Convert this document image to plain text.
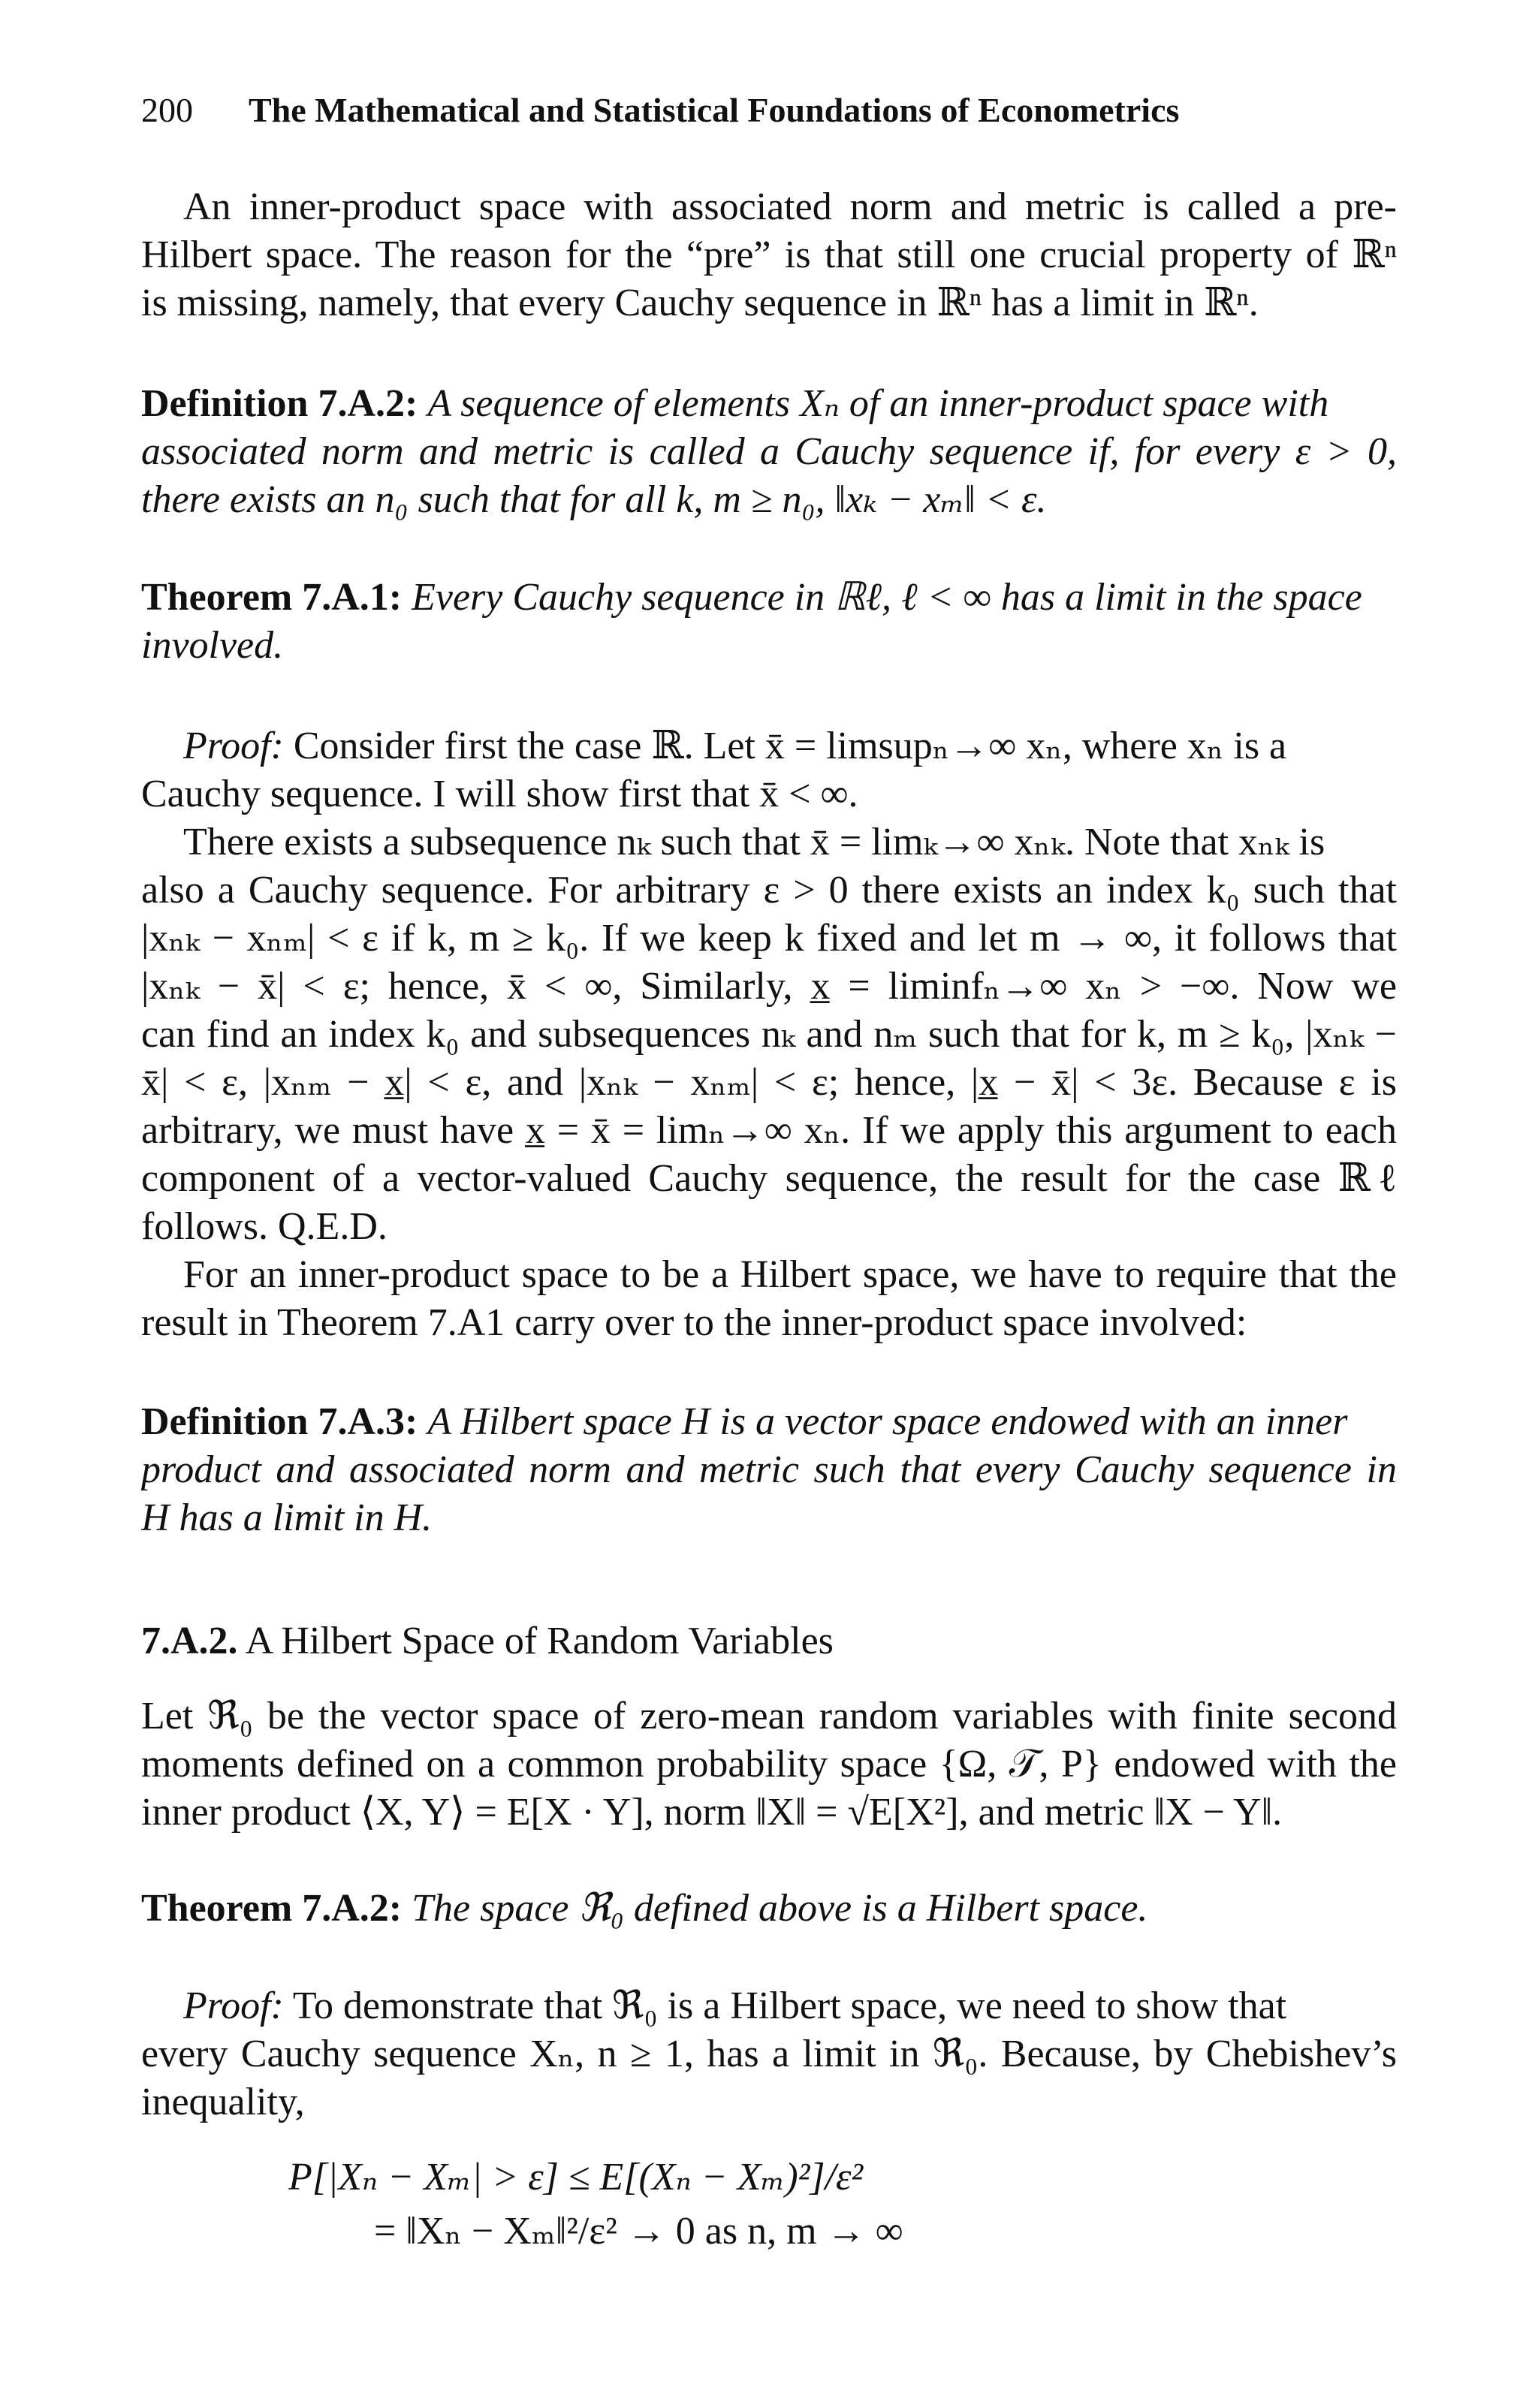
200 The Mathematical and Statistical Foundations of Econometrics
An inner-product space with associated norm and metric is called a pre-
Hilbert space. The reason for the “pre” is that still one crucial property of ℝⁿ
is missing, namely, that every Cauchy sequence in ℝⁿ has a limit in ℝⁿ.
Definition 7.A.2: A sequence of elements Xₙ of an inner-product space with
associated norm and metric is called a Cauchy sequence if, for every ε > 0,
there exists an n₀ such that for all k, m ≥ n₀, ‖xₖ − xₘ‖ < ε.
Theorem 7.A.1: Every Cauchy sequence in ℝℓ, ℓ < ∞ has a limit in the space
involved.
Proof: Consider first the case ℝ. Let x̄ = limsupₙ→∞ xₙ, where xₙ is a
Cauchy sequence. I will show first that x̄ < ∞.
There exists a subsequence nₖ such that x̄ = limₖ→∞ xₙₖ. Note that xₙₖ is
also a Cauchy sequence. For arbitrary ε > 0 there exists an index k₀ such that
|xₙₖ − xₙₘ| < ε if k, m ≥ k₀. If we keep k fixed and let m → ∞, it follows that
|xₙₖ − x̄| < ε; hence, x̄ < ∞, Similarly, x̲ = liminfₙ→∞ xₙ > −∞. Now we
can find an index k₀ and subsequences nₖ and nₘ such that for k, m ≥ k₀, |xₙₖ −
x̄| < ε, |xₙₘ − x̲| < ε, and |xₙₖ − xₙₘ| < ε; hence, |x̲ − x̄| < 3ε. Because ε is
arbitrary, we must have x̲ = x̄ = limₙ→∞ xₙ. If we apply this argument to each
component of a vector-valued Cauchy sequence, the result for the case ℝℓ
follows. Q.E.D.
For an inner-product space to be a Hilbert space, we have to require that the
result in Theorem 7.A1 carry over to the inner-product space involved:
Definition 7.A.3: A Hilbert space H is a vector space endowed with an inner
product and associated norm and metric such that every Cauchy sequence in
H has a limit in H.
7.A.2. A Hilbert Space of Random Variables
Let ℜ₀ be the vector space of zero-mean random variables with finite second
moments defined on a common probability space {Ω, 𝒯, P} endowed with the
inner product ⟨X, Y⟩ = E[X · Y], norm ‖X‖ = √E[X²], and metric ‖X − Y‖.
Theorem 7.A.2: The space ℜ₀ defined above is a Hilbert space.
Proof: To demonstrate that ℜ₀ is a Hilbert space, we need to show that
every Cauchy sequence Xₙ, n ≥ 1, has a limit in ℜ₀. Because, by Chebishev’s
inequality,
P[|Xₙ − Xₘ| > ε] ≤ E[(Xₙ − Xₘ)²]/ε²
= ‖Xₙ − Xₘ‖²/ε² → 0 as n, m → ∞
